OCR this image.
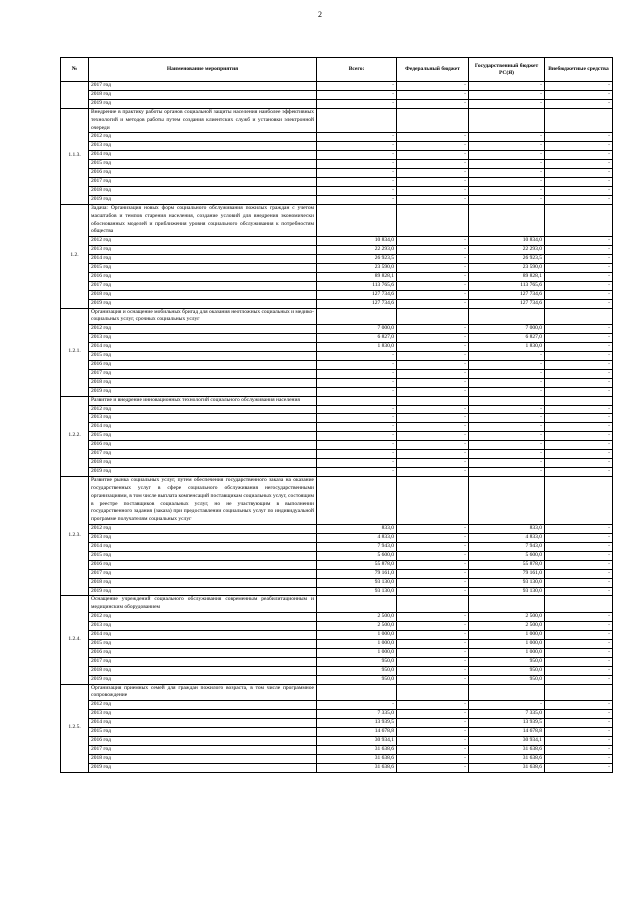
2
№	Наименование мероприятия	Всего:	Федеральный бюджет	Государственный бюджет РС(Я)	Внебюджетные средства
	2017 год	-	-	-	-
	2018 год	-	-	-	-
	2019 год	-	-	-	-
1.1.3.	Внедрение в практику работы органов социальной защиты населения наиболее эффективных технологий и методов работы путем создания клиентских служб и установки электронной очереди				
	2012 год	-	-	-	-
	2013 год	-	-	-	-
	2014 год	-	-	-	-
	2015 год	-	-	-	-
	2016 год	-	-	-	-
	2017 год	-	-	-	-
	2018 год	-	-	-	-
	2019 год	-	-	-	-
1.2.	Задача: Организация новых форм социального обслуживания пожилых граждан с учетом масштабов и темпов старения населения, создание условий для внедрения экономически обоснованных моделей и приближения уровня социального обслуживания к потребностям общества				
	2012 год	10 834,0	-	10 834,0	-
	2013 год	22 293,0	-	22 293,0	-
	2014 год	26 923,5	-	26 923,5	-
	2015 год	23 590,0	-	23 590,0	-
	2016 год	89 828,1	-	89 828,1	-
	2017 год	113 765,6	-	113 765,6	-
	2018 год	127 734,6	-	127 734,6	-
	2019 год	127 734,6	-	127 734,6	-
1.2.1.	Организация и оснащение мобильных бригад для оказания неотложных социальных и медико-социальных услуг, срочных социальных услуг				
	2012 год	7 000,0	-	7 000,0	-
	2013 год	6 827,0	-	6 827,0	-
	2014 год	1 830,0	-	1 830,0	-
	2015 год	-	-	-	-
	2016 год	-	-	-	-
	2017 год	-	-	-	-
	2018 год	-	-	-	-
	2019 год	-	-	-	-
1.2.2.	Развитие и внедрение инновационных технологий социального обслуживания населения				
	2012 год	-	-	-	-
	2013 год	-	-	-	-
	2014 год	-	-	-	-
	2015 год	-	-	-	-
	2016 год	-	-	-	-
	2017 год	-	-	-	-
	2018 год	-	-	-	-
	2019 год	-	-	-	-
1.2.3.	Развитие рынка социальных услуг, путем обеспечения государственного заказа на оказание государственных услуг в сфере социального обслуживания негосударственными организациями, в том числе выплата компенсаций поставщикам социальных услуг, состоящим в реестре поставщиков социальных услуг, но не участвующим в выполнении государственного задания (заказа) при предоставлении социальных услуг по индивидуальной программе получателям социальных услуг				
	2012 год	833,0	-	833,0	-
	2013 год	4 833,0	-	4 833,0	-
	2014 год	7 943,0	-	7 943,0	-
	2015 год	5 600,0	-	5 600,0	-
	2016 год	55 878,0	-	55 878,0	-
	2017 год	79 161,0	-	79 161,0	-
	2018 год	93 130,0	-	93 130,0	-
	2019 год	93 130,0	-	93 130,0	-
1.2.4.	Оснащение учреждений социального обслуживания современным реабилитационным и медицинским оборудованием				
	2012 год	2 500,0	-	2 500,0	-
	2013 год	2 500,0	-	2 500,0	-
	2014 год	1 000,0	-	1 000,0	-
	2015 год	1 000,0	-	1 000,0	-
	2016 год	1 000,0	-	1 000,0	-
	2017 год	950,0	-	950,0	-
	2018 год	950,0	-	950,0	-
	2019 год	950,0	-	950,0	-
1.2.5.	Организация приемных семей для граждан пожилого возраста, в том числе программное сопровождение				
	2012 год	-	-	-	-
	2013 год	7 335,0	-	7 335,0	-
	2014 год	13 939,5	-	13 939,5	-
	2015 год	14 678,8	-	14 678,8	-
	2016 год	30 934,1	-	30 934,1	-
	2017 год	31 638,6	-	31 638,6	-
	2018 год	31 638,6	-	31 638,6	-
	2019 год	31 638,6	-	31 638,6	-
